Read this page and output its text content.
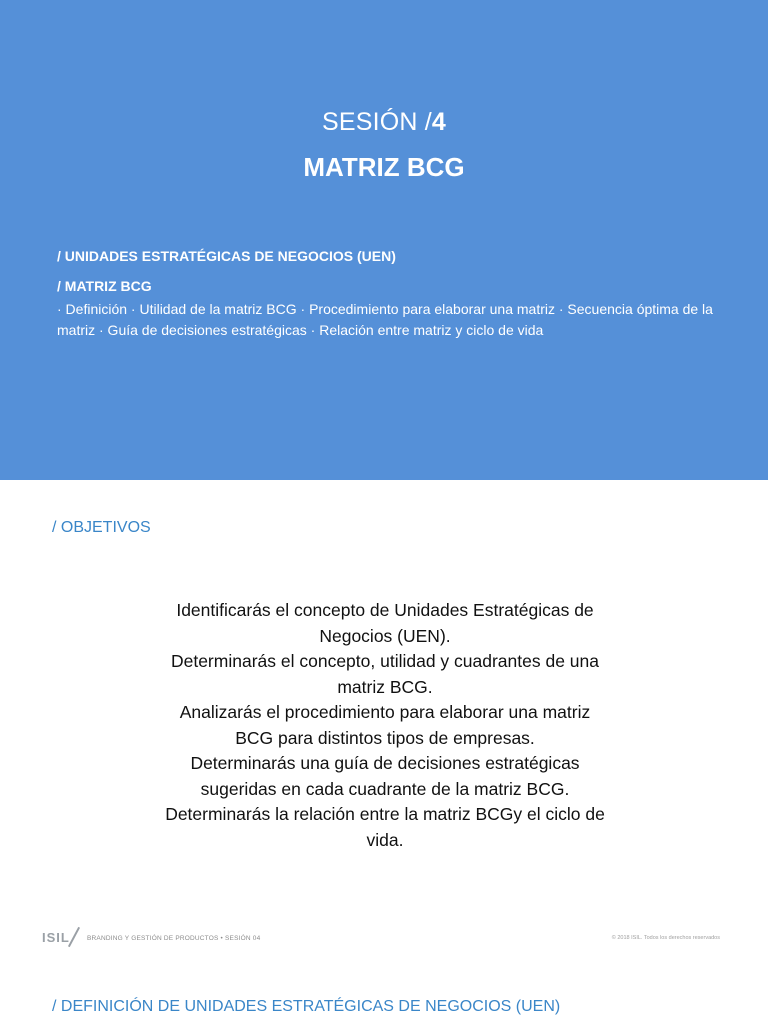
SESIÓN /4
MATRIZ BCG
/ UNIDADES ESTRATÉGICAS DE NEGOCIOS (UEN)
/ MATRIZ BCG
· Definición · Utilidad de la matriz BCG · Procedimiento para elaborar una matriz · Secuencia óptima de la matriz · Guía de decisiones estratégicas · Relación entre matriz y ciclo de vida
/ OBJETIVOS

Identificarás el concepto de Unidades Estratégicas de Negocios (UEN).

Determinarás el concepto, utilidad y cuadrantes de una matriz BCG.

Analizarás el procedimiento para elaborar una matriz BCG para distintos tipos de empresas.

Determinarás una guía de decisiones estratégicas sugeridas en cada cuadrante de la matriz BCG.

Determinarás la relación entre la matriz BCGy el ciclo de vida.

ISIL	BRANDING Y GESTIÓN DE PRODUCTOS • SESIÓN 04	© 2018 ISIL. Todos los derechos reservados
/ DEFINICIÓN DE UNIDADES ESTRATÉGICAS DE NEGOCIOS (UEN)
